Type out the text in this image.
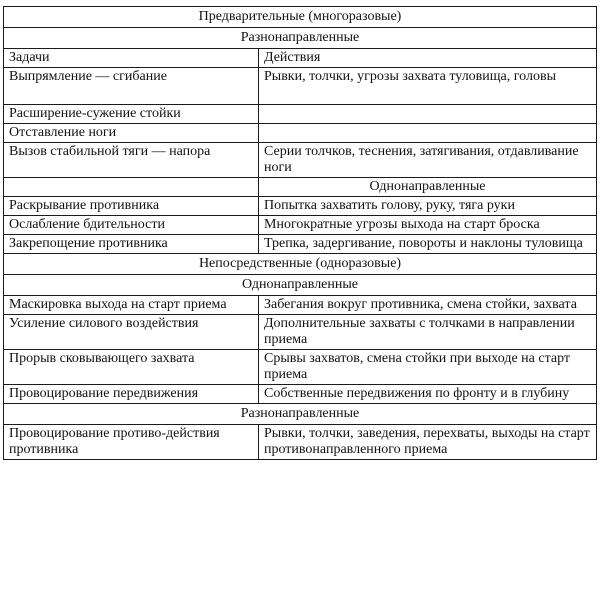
Предварительные (многоразовые)	
Разнонаправленные	
Задачи	Действия
Выпрямление — сгибание	Рывки, толчки, угрозы захвата туловища, головы
Расширение-сужение стойки	
Отставление ноги	
Вызов стабильной тяги — напора	Серии толчков, теснения, затягивания, отдавливание ноги
	Однонаправленные
Раскрывание противника	Попытка захватить голову, руку, тяга руки
Ослабление бдительности	Многократные угрозы выхода на старт броска
Закрепощение противника	Трепка, задергивание, повороты и наклоны туловища
Непосредственные (одноразовые)	
Однонаправленные	
Маскировка выхода на старт приема	Забегания вокруг противника, смена стойки, захвата
Усиление силового воздействия	Дополнительные захваты с толчками в направлении приема
Прорыв сковывающего захвата	Срывы захватов, смена стойки при выходе на старт приема
Провоцирование передвижения	Собственные передвижения по фронту и в глубину
Разнонаправленные	
Провоцирование противо-действия противника	Рывки, толчки, заведения, перехваты, выходы на старт противонаправленного приема
